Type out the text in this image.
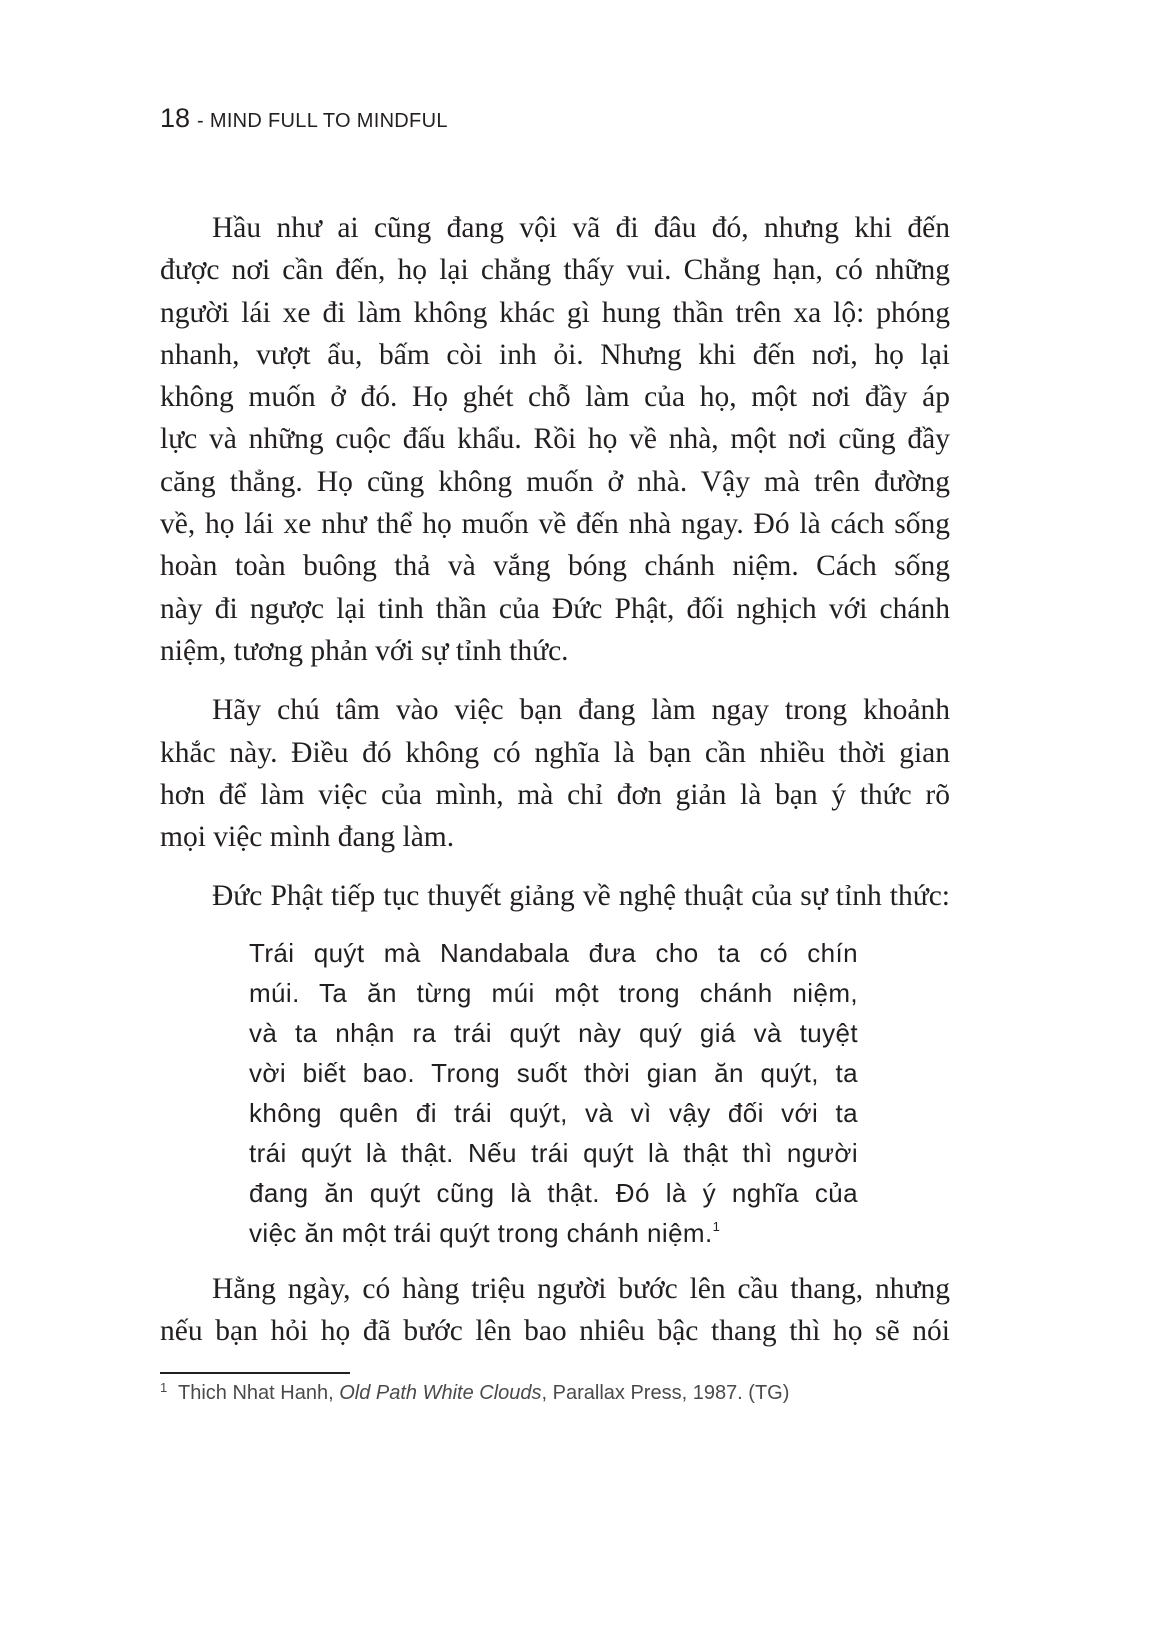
18 - MIND FULL TO MINDFUL

Hầu như ai cũng đang vội vã đi đâu đó, nhưng khi đến
được nơi cần đến, họ lại chẳng thấy vui. Chẳng hạn, có những
người lái xe đi làm không khác gì hung thần trên xa lộ: phóng
nhanh, vượt ẩu, bấm còi inh ỏi. Nhưng khi đến nơi, họ lại
không muốn ở đó. Họ ghét chỗ làm của họ, một nơi đầy áp
lực và những cuộc đấu khẩu. Rồi họ về nhà, một nơi cũng đầy
căng thẳng. Họ cũng không muốn ở nhà. Vậy mà trên đường
về, họ lái xe như thể họ muốn về đến nhà ngay. Đó là cách sống
hoàn toàn buông thả và vắng bóng chánh niệm. Cách sống
này đi ngược lại tinh thần của Đức Phật, đối nghịch với chánh
niệm, tương phản với sự tỉnh thức.

Hãy chú tâm vào việc bạn đang làm ngay trong khoảnh
khắc này. Điều đó không có nghĩa là bạn cần nhiều thời gian
hơn để làm việc của mình, mà chỉ đơn giản là bạn ý thức rõ
mọi việc mình đang làm.

Đức Phật tiếp tục thuyết giảng về nghệ thuật của sự tỉnh thức:

Trái quýt mà Nandabala đưa cho ta có chín
múi. Ta ăn từng múi một trong chánh niệm,
và ta nhận ra trái quýt này quý giá và tuyệt
vời biết bao. Trong suốt thời gian ăn quýt, ta
không quên đi trái quýt, và vì vậy đối với ta
trái quýt là thật. Nếu trái quýt là thật thì người
đang ăn quýt cũng là thật. Đó là ý nghĩa của
việc ăn một trái quýt trong chánh niệm.$^1$

Hằng ngày, có hàng triệu người bước lên cầu thang, nhưng
nếu bạn hỏi họ đã bước lên bao nhiêu bậc thang thì họ sẽ nói

1 Thich Nhat Hanh, Old Path White Clouds, Parallax Press, 1987. (TG)
